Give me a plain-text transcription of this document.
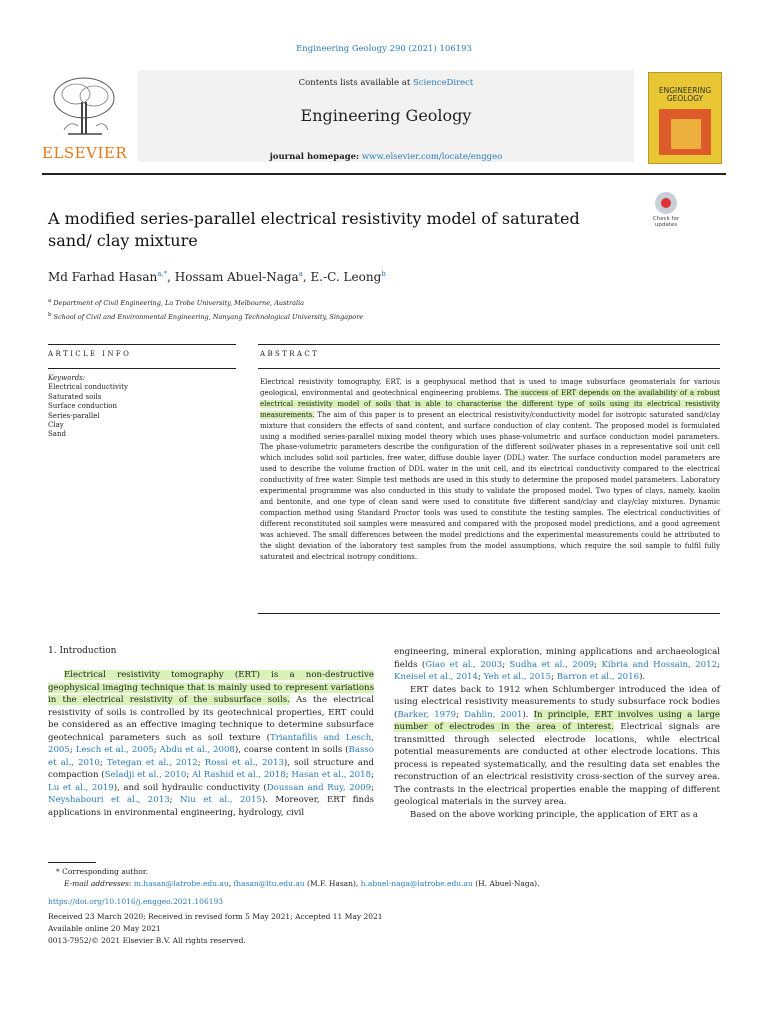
Engineering Geology 290 (2021) 106193
ELSEVIER
Contents lists available at ScienceDirect
Engineering Geology
journal homepage: www.elsevier.com/locate/enggeo
ENGINEERING GEOLOGY
A modified series-parallel electrical resistivity model of saturated sand/ clay mixture
Check for updates
Md Farhad Hasan$^{a,*}$, Hossam Abuel-Naga$^a$, E.-C. Leong$^b$
$^a$ Department of Civil Engineering, La Trobe University, Melbourne, Australia
$^b$ School of Civil and Environmental Engineering, Nanyang Technological University, Singapore
ARTICLE INFO	ABSTRACT
Keywords:
Electrical conductivity
Saturated soils
Surface conduction
Series-parallel
Clay
Sand
Electrical resistivity tomography, ERT, is a geophysical method that is used to image subsurface geomaterials for various geological, environmental and geotechnical engineering problems. The success of ERT depends on the availability of a robust electrical resistivity model of soils that is able to characterise the different type of soils using its electrical resistivity measurements. The aim of this paper is to present an electrical resistivity/conductivity model for isotropic saturated sand/clay mixture that considers the effects of sand content, and surface conduction of clay content. The proposed model is formulated using a modified series-parallel mixing model theory which uses phase-volumetric and surface conduction model parameters. The phase-volumetric parameters describe the configuration of the different soil/water phases in a representative soil unit cell which includes solid soil particles, free water, diffuse double layer (DDL) water. The surface conduction model parameters are used to describe the volume fraction of DDL water in the unit cell, and its electrical conductivity compared to the electrical conductivity of free water. Simple test methods are used in this study to determine the proposed model parameters. Laboratory experimental programme was also conducted in this study to validate the proposed model. Two types of clays, namely, kaolin and bentonite, and one type of clean sand were used to constitute five different sand/clay and clay/clay mixtures. Dynamic compaction method using Standard Proctor tools was used to constitute the testing samples. The electrical conductivities of different reconstituted soil samples were measured and compared with the proposed model predictions, and a good agreement was achieved. The small differences between the model predictions and the experimental measurements could be attributed to the slight deviation of the laboratory test samples from the model assumptions, which require the soil sample to fulfil fully saturated and electrical isotropy conditions.
1. Introduction

Electrical resistivity tomography (ERT) is a non-destructive geophysical imaging technique that is mainly used to represent variations in the electrical resistivity of the subsurface soils. As the electrical resistivity of soils is controlled by its geotechnical properties, ERT could be considered as an effective imaging technique to determine subsurface geotechnical parameters such as soil texture (Triantafilis and Lesch, 2005; Lesch et al., 2005; Abdu et al., 2008), coarse content in soils (Basso et al., 2010; Tetegan et al., 2012; Rossi et al., 2013), soil structure and compaction (Seladji et al., 2010; Al Rashid et al., 2018; Hasan et al., 2018; Lu et al., 2019), and soil hydraulic conductivity (Doussan and Ruy, 2009; Neyshabouri et al., 2013; Niu et al., 2015). Moreover, ERT finds applications in environmental engineering, hydrology, civil

engineering, mineral exploration, mining applications and archaeological fields (Giao et al., 2003; Sudha et al., 2009; Kibria and Hossain, 2012; Kneisel et al., 2014; Yeh et al., 2015; Barron et al., 2016).

ERT dates back to 1912 when Schlumberger introduced the idea of using electrical resistivity measurements to study subsurface rock bodies (Barker, 1979; Dahlin, 2001). In principle, ERT involves using a large number of electrodes in the area of interest. Electrical signals are transmitted through selected electrode locations, while electrical potential measurements are conducted at other electrode locations. This process is repeated systematically, and the resulting data set enables the reconstruction of an electrical resistivity cross-section of the survey area. The contrasts in the electrical properties enable the mapping of different geological materials in the survey area.

Based on the above working principle, the application of ERT as a

* Corresponding author.
E-mail addresses: m.hasan@latrobe.edu.au, fhasan@ltu.edu.au (M.F. Hasan), h.abuel-naga@latrobe.edu.au (H. Abuel-Naga).
https://doi.org/10.1016/j.enggeo.2021.106193
Received 23 March 2020; Received in revised form 5 May 2021; Accepted 11 May 2021
Available online 20 May 2021
0013-7952/© 2021 Elsevier B.V. All rights reserved.
